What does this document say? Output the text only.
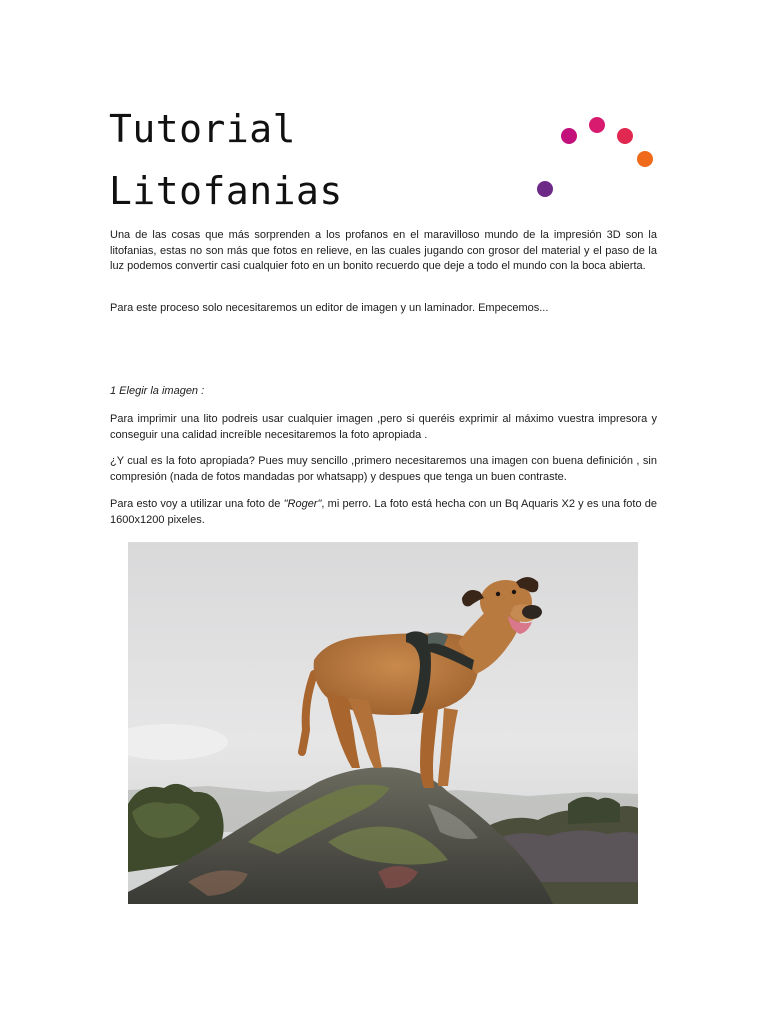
Tutorial
Litofanias

Una de las cosas que más sorprenden a los profanos en el maravilloso mundo de la impresión 3D son la litofanias, estas no son más que fotos en relieve, en las cuales jugando con grosor del material y el paso de la luz podemos convertir casi cualquier foto en un bonito recuerdo que deje a todo el mundo con la boca abierta.

Para este proceso solo necesitaremos un editor de imagen y un laminador. Empecemos...

1 Elegir la imagen :

Para imprimir una lito podreis usar cualquier imagen ,pero si queréis exprimir al máximo vuestra impresora y conseguir una calidad increíble necesitaremos la foto apropiada .

¿Y cual es la foto apropiada? Pues muy sencillo ,primero necesitaremos una imagen con buena definición , sin compresión (nada de fotos mandadas por whatsapp) y despues que tenga un buen contraste.

Para esto voy a utilizar una foto de "Roger", mi perro. La foto está hecha con un Bq Aquaris X2 y es una foto de 1600x1200 pixeles.
